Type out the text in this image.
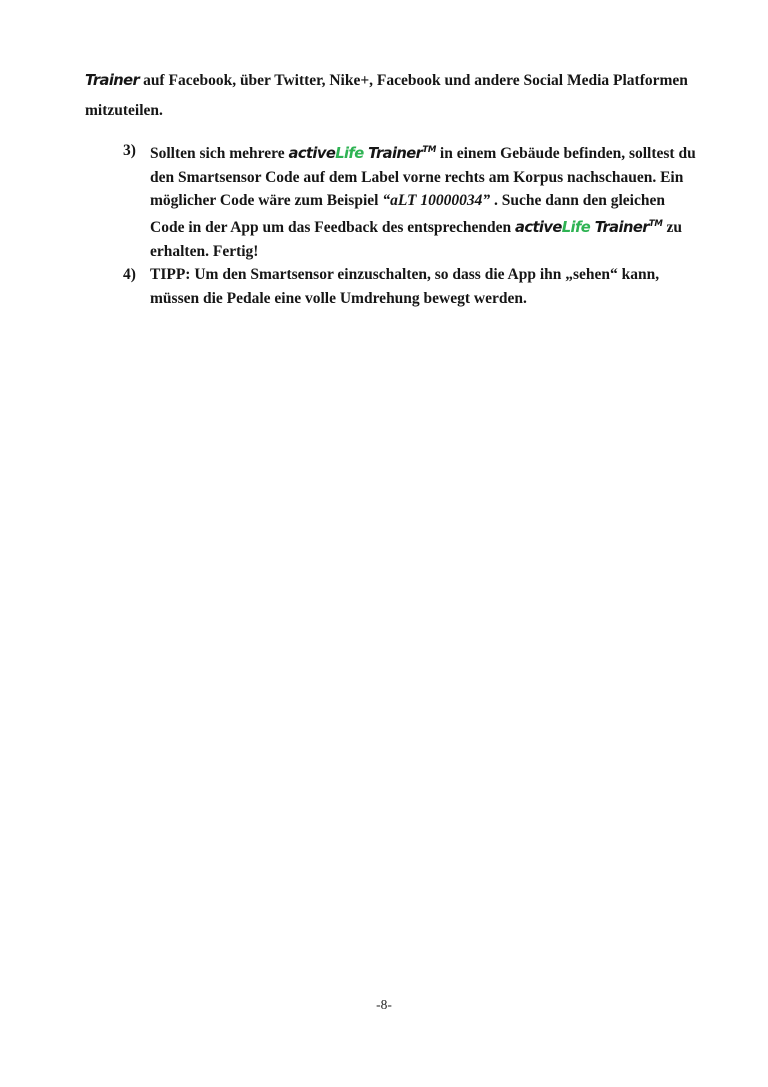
Trainer auf Facebook, über Twitter, Nike+, Facebook und andere Social Media Platformen mitzuteilen.

3) Sollten sich mehrere activeLife Trainer™ in einem Gebäude befinden, solltest du den Smartsensor Code auf dem Label vorne rechts am Korpus nachschauen. Ein möglicher Code wäre zum Beispiel “aLT 10000034” . Suche dann den gleichen Code in der App um das Feedback des entsprechenden activeLife Trainer™ zu erhalten. Fertig!
4) TIPP: Um den Smartsensor einzuschalten, so dass die App ihn „sehen“ kann, müssen die Pedale eine volle Umdrehung bewegt werden.
-8-
